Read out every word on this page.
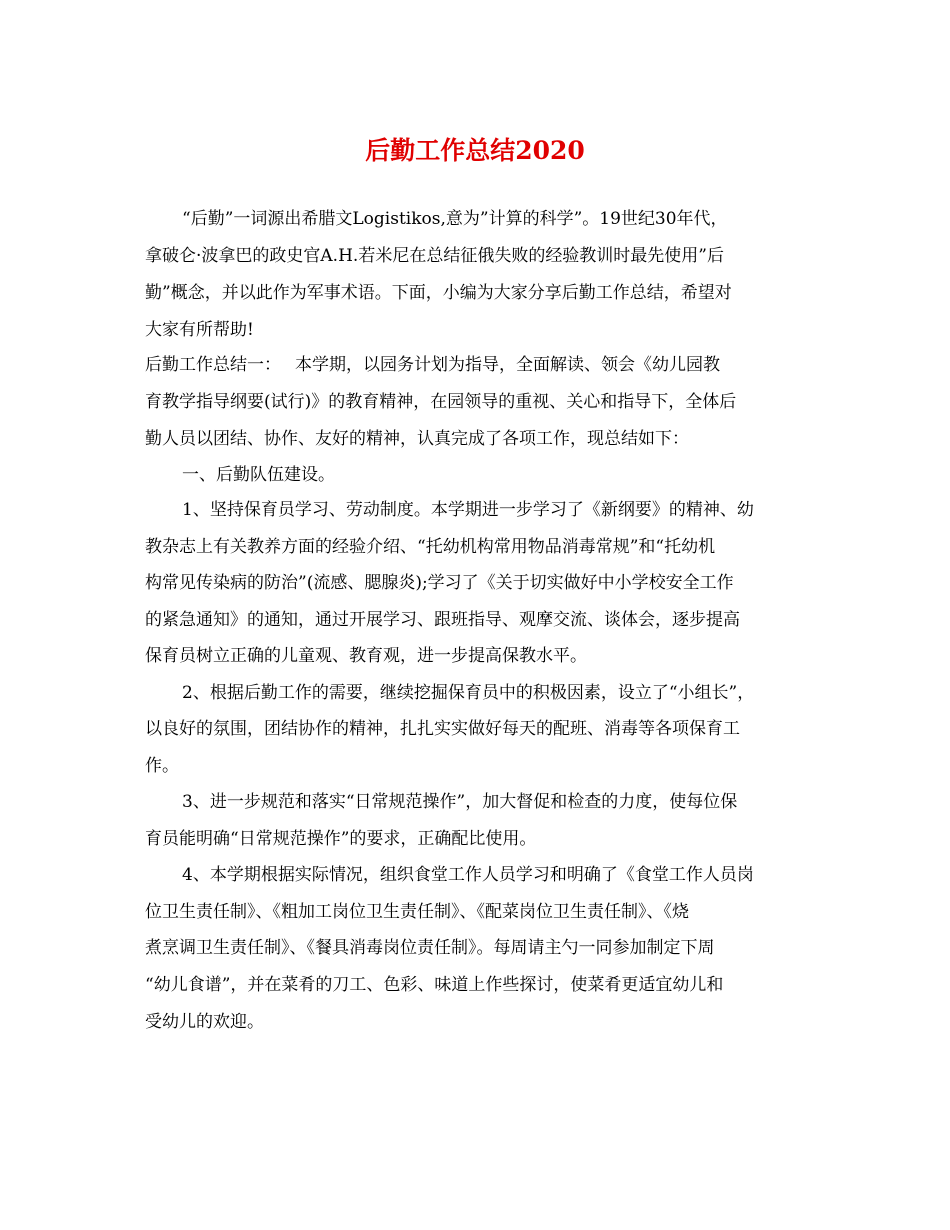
后勤工作总结2020
“后勤”一词源出希腊文Logistikos,意为”计算的科学”。19世纪30年代，
拿破仑·波拿巴的政史官A.H.若米尼在总结征俄失败的经验教训时最先使用”后
勤”概念，并以此作为军事术语。下面，小编为大家分享后勤工作总结，希望对
大家有所帮助!
后勤工作总结一： 本学期，以园务计划为指导，全面解读、领会《幼儿园教
育教学指导纲要(试行)》的教育精神，在园领导的重视、关心和指导下，全体后
勤人员以团结、协作、友好的精神，认真完成了各项工作，现总结如下：
一、后勤队伍建设。
1、坚持保育员学习、劳动制度。本学期进一步学习了《新纲要》的精神、幼
教杂志上有关教养方面的经验介绍、“托幼机构常用物品消毒常规”和“托幼机
构常见传染病的防治”(流感、腮腺炎);学习了《关于切实做好中小学校安全工作
的紧急通知》的通知，通过开展学习、跟班指导、观摩交流、谈体会，逐步提高
保育员树立正确的儿童观、教育观，进一步提高保教水平。
2、根据后勤工作的需要，继续挖掘保育员中的积极因素，设立了“小组长”，
以良好的氛围，团结协作的精神，扎扎实实做好每天的配班、消毒等各项保育工
作。
3、进一步规范和落实“日常规范操作”，加大督促和检查的力度，使每位保
育员能明确“日常规范操作”的要求，正确配比使用。
4、本学期根据实际情况，组织食堂工作人员学习和明确了《食堂工作人员岗
位卫生责任制》、《粗加工岗位卫生责任制》、《配菜岗位卫生责任制》、《烧
煮烹调卫生责任制》、《餐具消毒岗位责任制》。每周请主勺一同参加制定下周
“幼儿食谱”，并在菜肴的刀工、色彩、味道上作些探讨，使菜肴更适宜幼儿和
受幼儿的欢迎。
